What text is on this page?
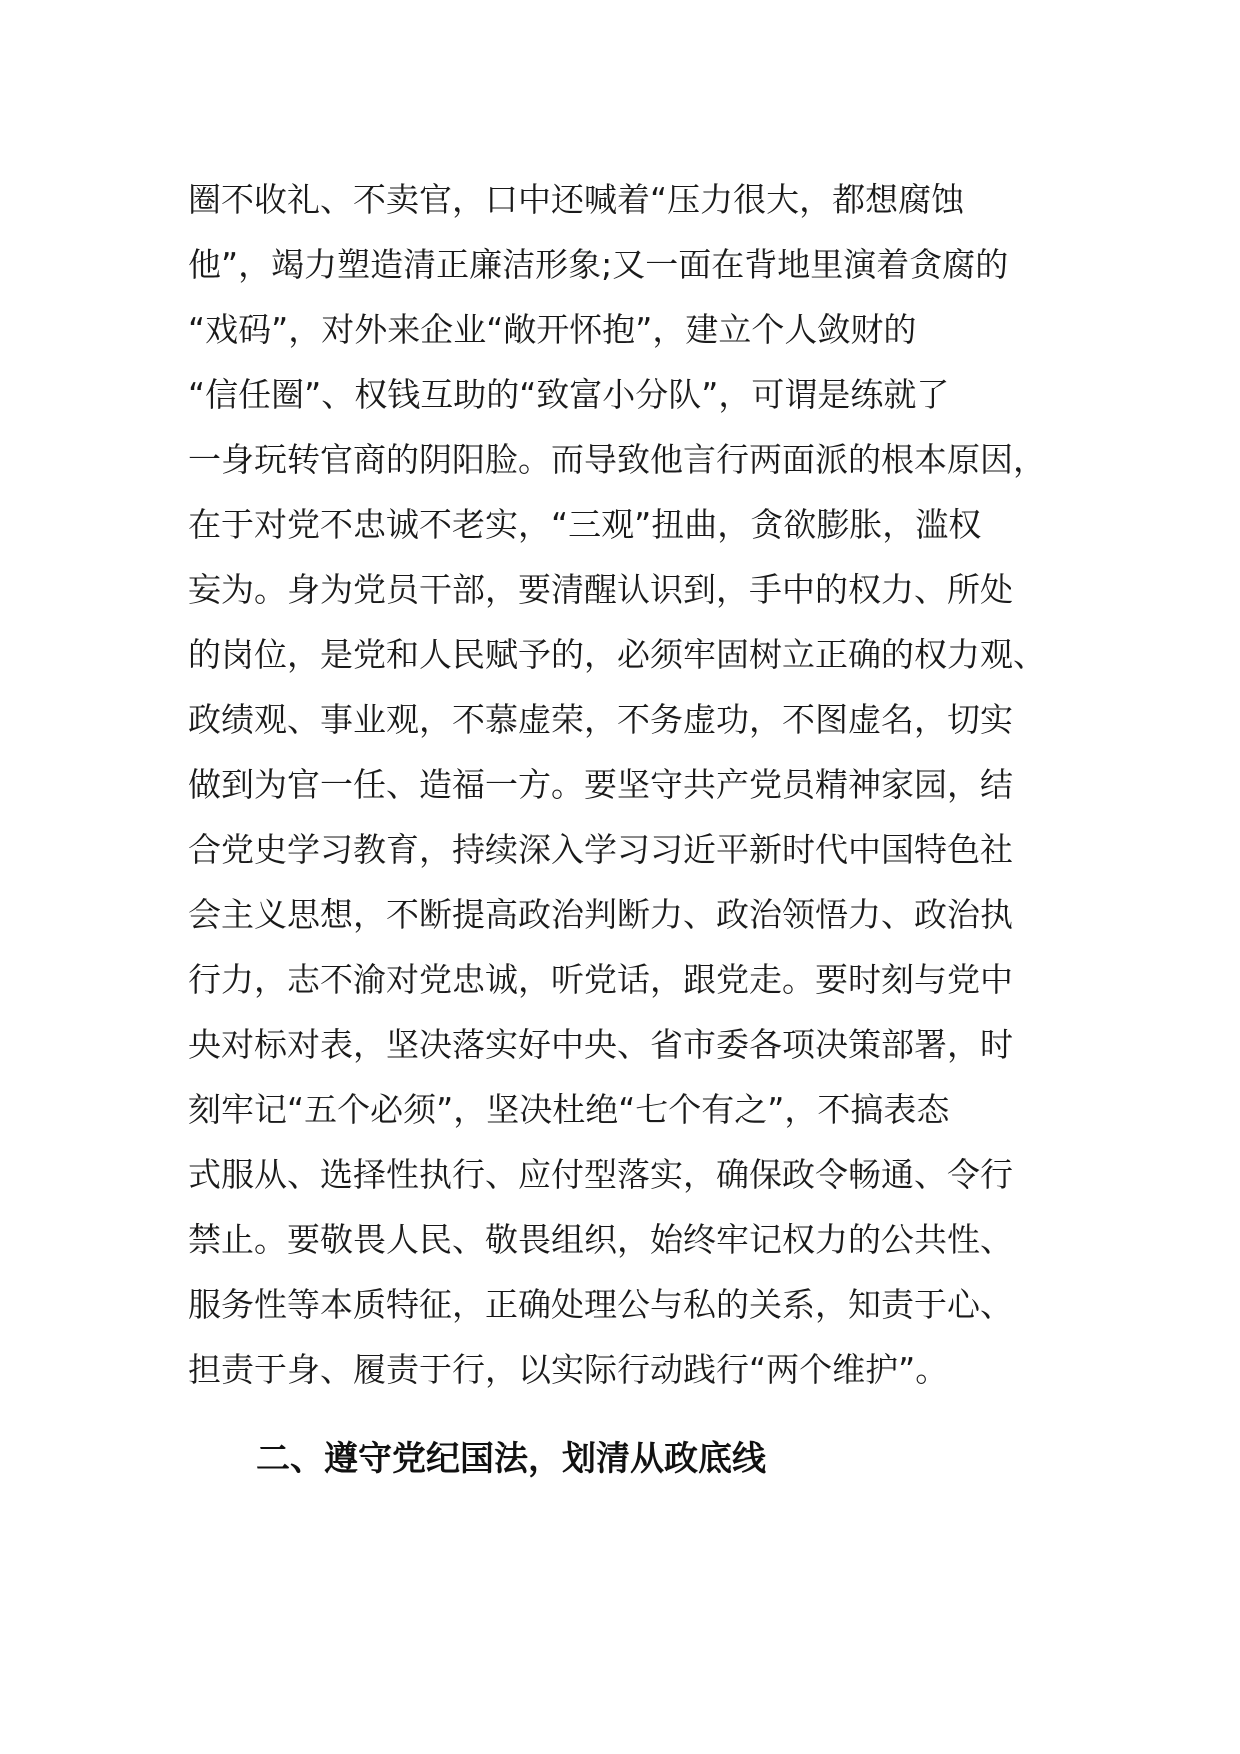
圈不收礼、不卖官，口中还喊着“压力很大，都想腐蚀
他”，竭力塑造清正廉洁形象;又一面在背地里演着贪腐的
“戏码”，对外来企业“敞开怀抱”，建立个人敛财的
“信任圈”、权钱互助的“致富小分队”，可谓是练就了
一身玩转官商的阴阳脸。而导致他言行两面派的根本原因，
在于对党不忠诚不老实，“三观”扭曲，贪欲膨胀，滥权
妄为。身为党员干部，要清醒认识到，手中的权力、所处
的岗位，是党和人民赋予的，必须牢固树立正确的权力观、
政绩观、事业观，不慕虚荣，不务虚功，不图虚名，切实
做到为官一任、造福一方。要坚守共产党员精神家园，结
合党史学习教育，持续深入学习习近平新时代中国特色社
会主义思想，不断提高政治判断力、政治领悟力、政治执
行力，志不渝对党忠诚，听党话，跟党走。要时刻与党中
央对标对表，坚决落实好中央、省市委各项决策部署，时
刻牢记“五个必须”，坚决杜绝“七个有之”，不搞表态
式服从、选择性执行、应付型落实，确保政令畅通、令行
禁止。要敬畏人民、敬畏组织，始终牢记权力的公共性、
服务性等本质特征，正确处理公与私的关系，知责于心、
担责于身、履责于行，以实际行动践行“两个维护”。
二、遵守党纪国法，划清从政底线
